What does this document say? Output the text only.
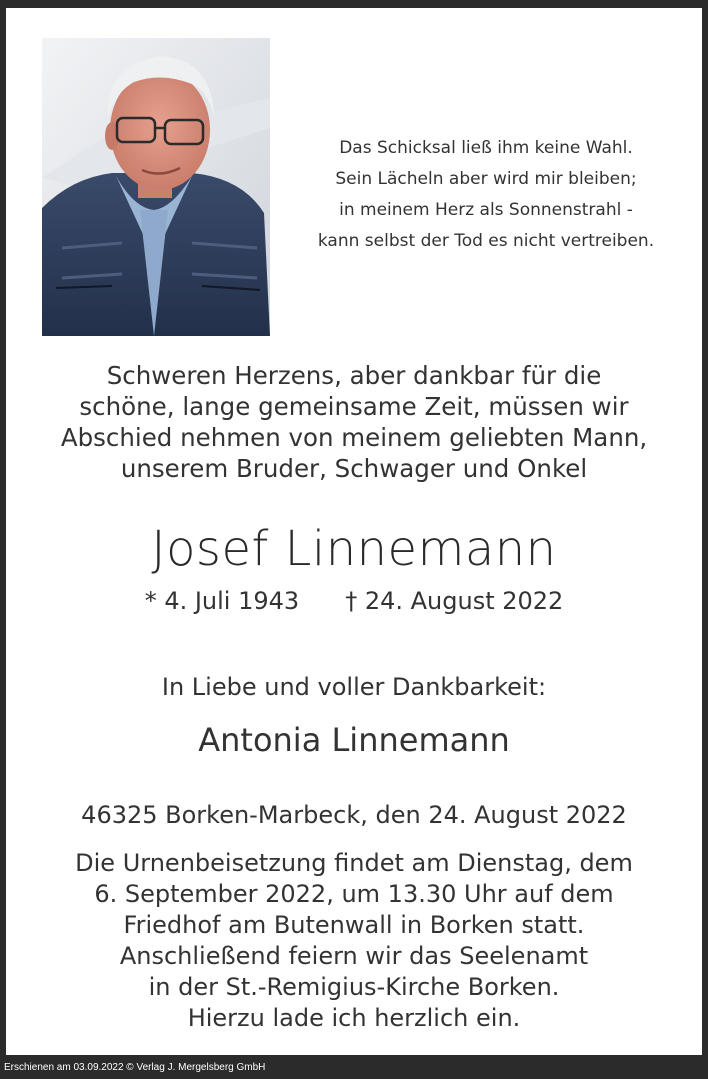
Das Schicksal ließ ihm keine Wahl.
Sein Lächeln aber wird mir bleiben;
in meinem Herz als Sonnenstrahl -
kann selbst der Tod es nicht vertreiben.
Schweren Herzens, aber dankbar für die
schöne, lange gemeinsame Zeit, müssen wir
Abschied nehmen von meinem geliebten Mann,
unserem Bruder, Schwager und Onkel
Josef Linnemann
* 4. Juli 1943 † 24. August 2022
In Liebe und voller Dankbarkeit:
Antonia Linnemann
46325 Borken-Marbeck, den 24. August 2022
Die Urnenbeisetzung findet am Dienstag, dem
6. September 2022, um 13.30 Uhr auf dem
Friedhof am Butenwall in Borken statt.
Anschließend feiern wir das Seelenamt
in der St.-Remigius-Kirche Borken.
Hierzu lade ich herzlich ein.
Erschienen am 03.09.2022 © Verlag J. Mergelsberg GmbH
